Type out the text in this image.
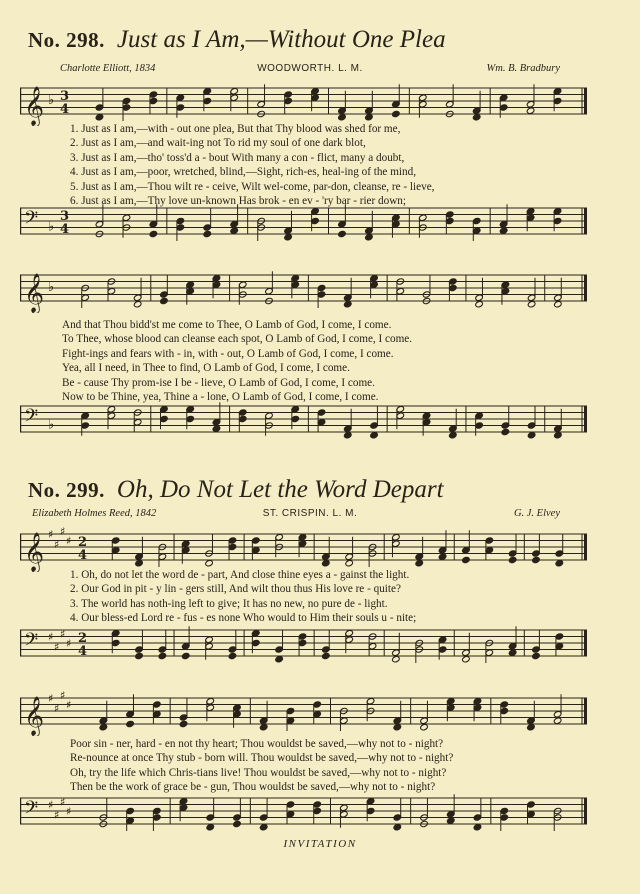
No. 298. Just as I Am,—Without One Plea
Charlotte Elliott, 1834	WOODWORTH. L. M.	Wm. B. Bradbury
𝄞 ♭ 3
4
1. Just as I am,—with - out one plea, But that Thy blood was shed for me,
2. Just as I am,—and wait-ing not To rid my soul of one dark blot,
3. Just as I am,—tho' toss'd a - bout With many a con - flict, many a doubt,
4. Just as I am,—poor, wretched, blind,—Sight, rich-es, heal-ing of the mind,
5. Just as I am,—Thou wilt re - ceive, Wilt wel-come, par-don, cleanse, re - lieve,
6. Just as I am,—Thy love un-known Has brok - en ev - 'ry bar - rier down;
𝄢 ♭
3
4
𝄞 ♭
And that Thou bidd'st me come to Thee, O Lamb of God, I come, I come.
To Thee, whose blood can cleanse each spot, O Lamb of God, I come, I come.
Fight-ings and fears with - in, with - out, O Lamb of God, I come, I come.
Yea, all I need, in Thee to find, O Lamb of God, I come, I come.
Be - cause Thy prom-ise I be - lieve, O Lamb of God, I come, I come.
Now to be Thine, yea, Thine a - lone, O Lamb of God, I come, I come.
𝄢 ♭
No. 299. Oh, Do Not Let the Word Depart
Elizabeth Holmes Reed, 1842	ST. CRISPIN. L. M.	G. J. Elvey
𝄞 ♯
♯
♯
♯ 2
4
1. Oh, do not let the word de - part, And close thine eyes a - gainst the light.
2. Our God in pit - y lin - gers still, And wilt thou thus His love re - quite?
3. The world has noth-ing left to give; It has no new, no pure de - light.
4. Our bless-ed Lord re - fus - es none Who would to Him their souls u - nite;
𝄢 ♯
♯
♯
♯ 2
4
𝄞 ♯
♯
♯
♯
Poor sin - ner, hard - en not thy heart; Thou wouldst be saved,—why not to - night?
Re-nounce at once Thy stub - born will. Thou wouldst be saved,—why not to - night?
Oh, try the life which Chris-tians live! Thou wouldst be saved,—why not to - night?
Then be the work of grace be - gun, Thou wouldst be saved,—why not to - night?
𝄢 ♯
♯
♯
♯
INVITATION
